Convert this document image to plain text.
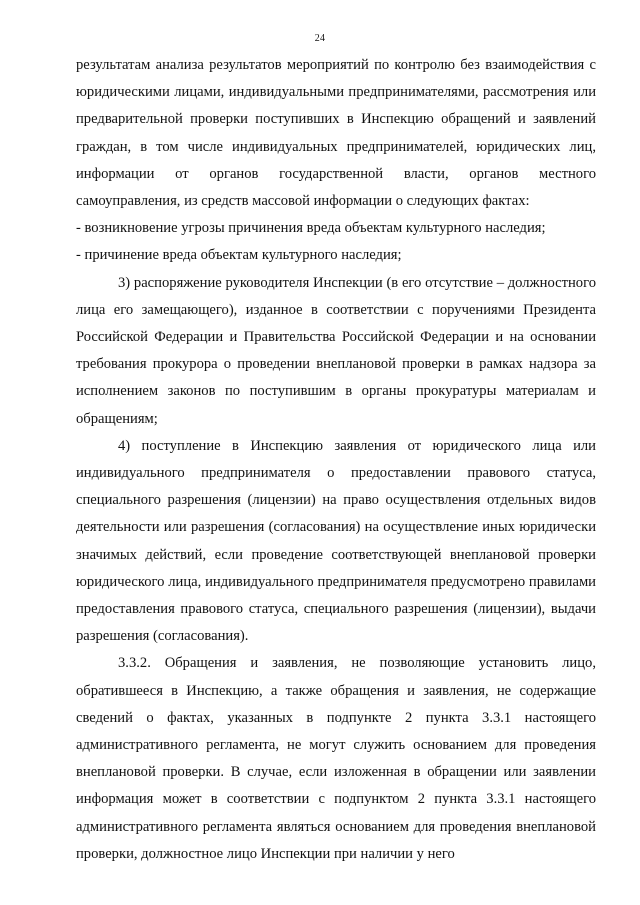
24

результатам анализа результатов мероприятий по контролю без взаимодействия с юридическими лицами, индивидуальными предпринимателями, рассмотрения или предварительной проверки поступивших в Инспекцию обращений и заявлений граждан, в том числе индивидуальных предпринимателей, юридических лиц, информации от органов государственной власти, органов местного самоуправления, из средств массовой информации о следующих фактах:

- возникновение угрозы причинения вреда объектам культурного наследия;

- причинение вреда объектам культурного наследия;

3) распоряжение руководителя Инспекции (в его отсутствие – должностного лица его замещающего), изданное в соответствии с поручениями Президента Российской Федерации и Правительства Российской Федерации и на основании требования прокурора о проведении внеплановой проверки в рамках надзора за исполнением законов по поступившим в органы прокуратуры материалам и обращениям;

4) поступление в Инспекцию заявления от юридического лица или индивидуального предпринимателя о предоставлении правового статуса, специального разрешения (лицензии) на право осуществления отдельных видов деятельности или разрешения (согласования) на осуществление иных юридически значимых действий, если проведение соответствующей внеплановой проверки юридического лица, индивидуального предпринимателя предусмотрено правилами предоставления правового статуса, специального разрешения (лицензии), выдачи разрешения (согласования).

3.3.2. Обращения и заявления, не позволяющие установить лицо, обратившееся в Инспекцию, а также обращения и заявления, не содержащие сведений о фактах, указанных в подпункте 2 пункта 3.3.1 настоящего административного регламента, не могут служить основанием для проведения внеплановой проверки. В случае, если изложенная в обращении или заявлении информация может в соответствии с подпунктом 2 пункта 3.3.1 настоящего административного регламента являться основанием для проведения внеплановой проверки, должностное лицо Инспекции при наличии у него
